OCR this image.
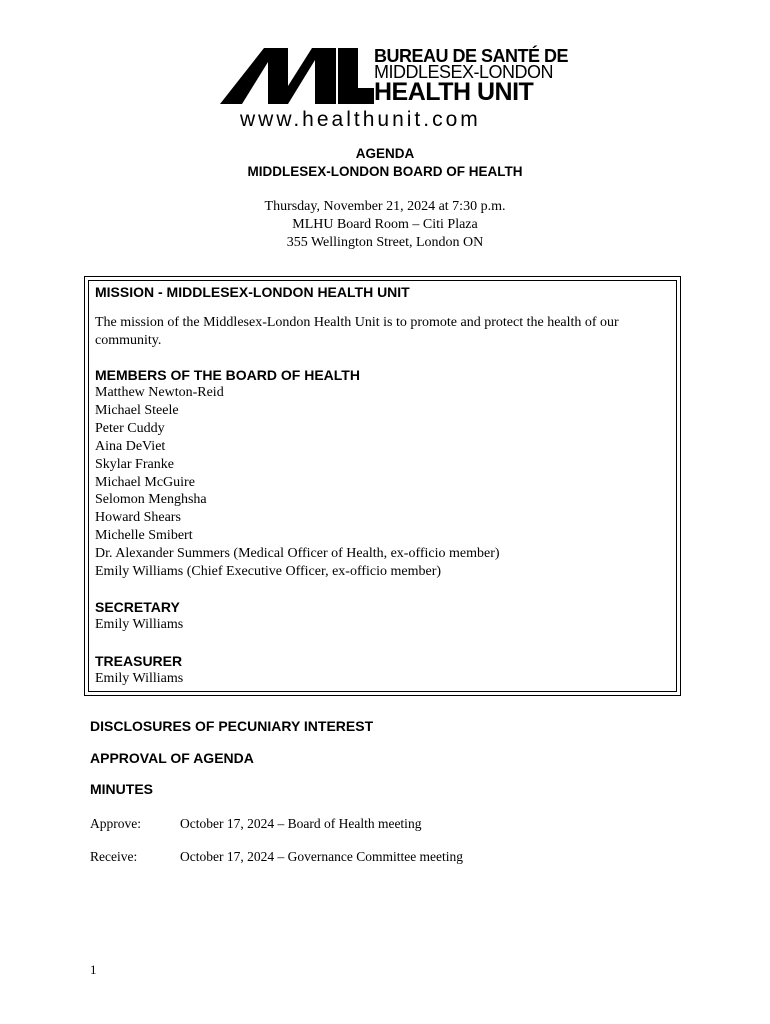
BUREAU DE SANTÉ DE
MIDDLESEX-LONDON
HEALTH UNIT
www.healthunit.com
AGENDA
MIDDLESEX-LONDON BOARD OF HEALTH
Thursday, November 21, 2024 at 7:30 p.m.
MLHU Board Room – Citi Plaza
355 Wellington Street, London ON
MISSION - MIDDLESEX-LONDON HEALTH UNIT
The mission of the Middlesex-London Health Unit is to promote and protect the health of our
community.
MEMBERS OF THE BOARD OF HEALTH
Matthew Newton-Reid
Michael Steele
Peter Cuddy
Aina DeViet
Skylar Franke
Michael McGuire
Selomon Menghsha
Howard Shears
Michelle Smibert
Dr. Alexander Summers (Medical Officer of Health, ex-officio member)
Emily Williams (Chief Executive Officer, ex-officio member)
SECRETARY
Emily Williams
TREASURER
Emily Williams
DISCLOSURES OF PECUNIARY INTEREST
APPROVAL OF AGENDA
MINUTES
Approve:	October 17, 2024 – Board of Health meeting
Receive:	October 17, 2024 – Governance Committee meeting
1
